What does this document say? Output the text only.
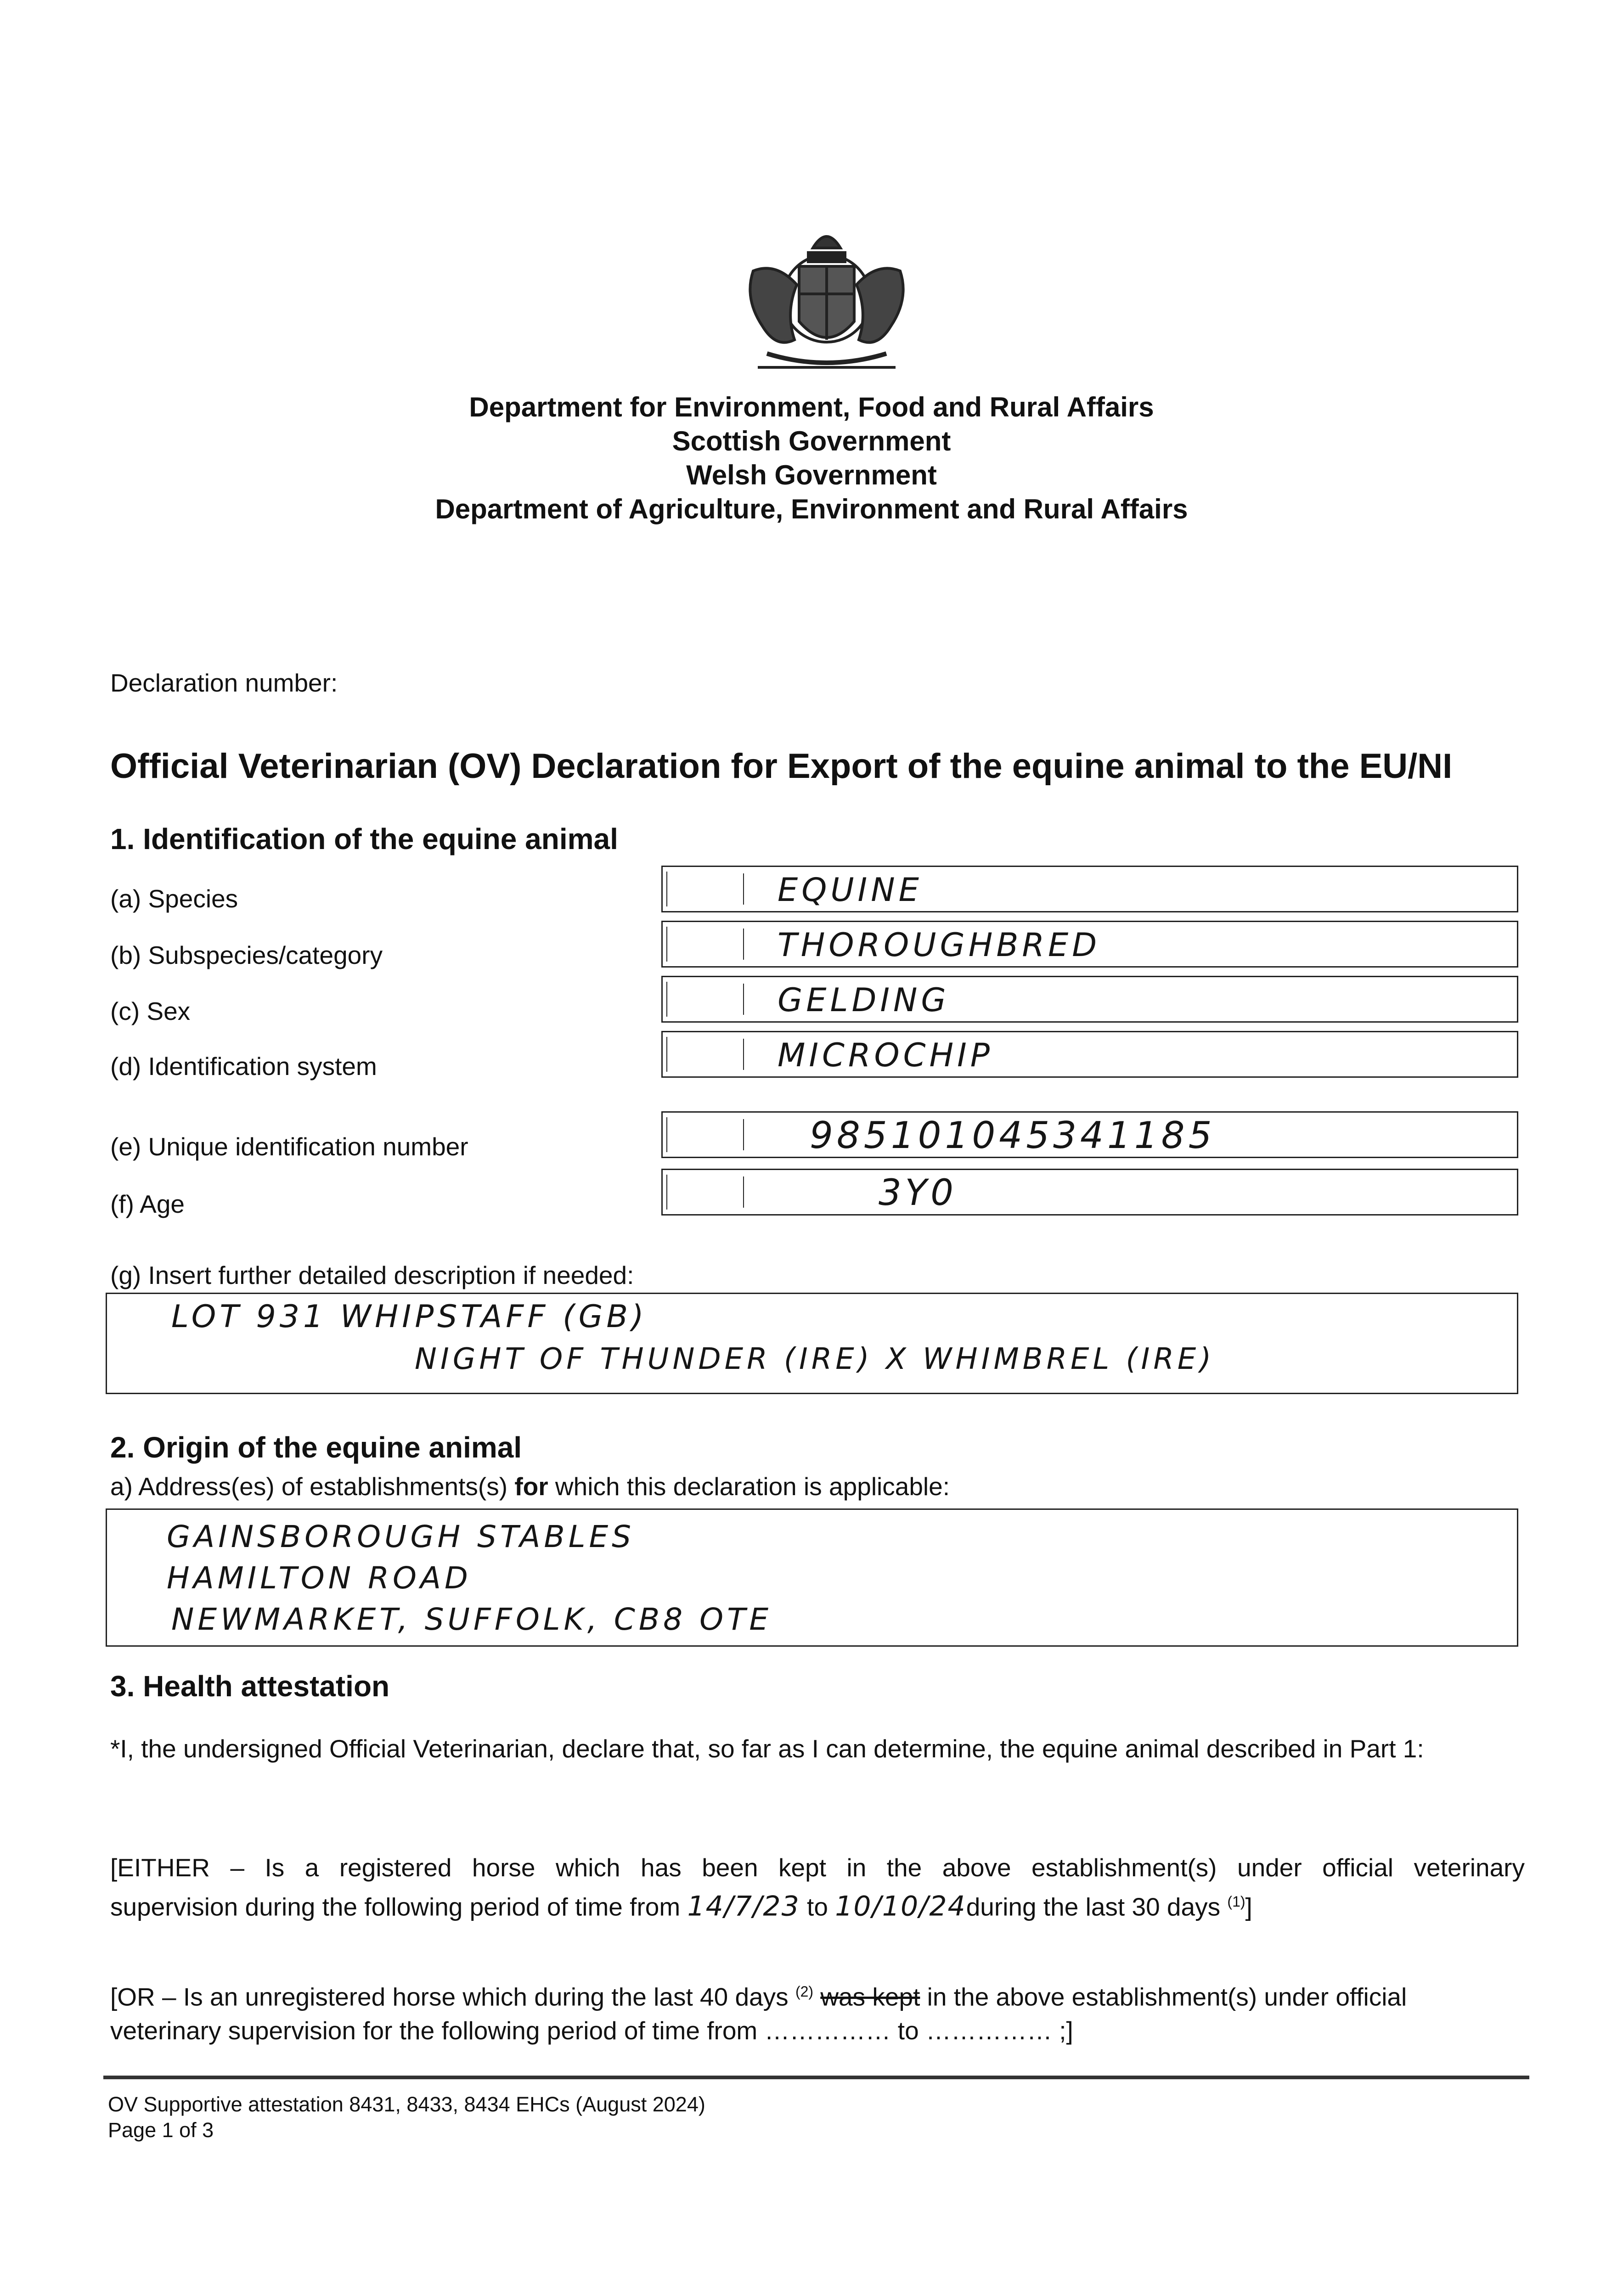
Department for Environment, Food and Rural Affairs
Scottish Government
Welsh Government
Department of Agriculture, Environment and Rural Affairs
Declaration number:
Official Veterinarian (OV) Declaration for Export of the equine animal to the EU/NI
1. Identification of the equine animal
(a) Species	EQUINE
(b) Subspecies/category	THOROUGHBRED
(c) Sex	GELDING
(d) Identification system	MICROCHIP
(e) Unique identification number	985101045341185
(f) Age	3Y0
(g) Insert further detailed description if needed:
LOT 931 WHIPSTAFF (GB)
NIGHT OF THUNDER (IRE) X WHIMBREL (IRE)
2. Origin of the equine animal
a) Address(es) of establishments(s) for which this declaration is applicable:
GAINSBOROUGH STABLES
HAMILTON ROAD
NEWMARKET, SUFFOLK, CB8 OTE
3. Health attestation
*I, the undersigned Official Veterinarian, declare that, so far as I can determine, the equine animal described in Part 1:
[EITHER – Is a registered horse which has been kept in the above establishment(s) under official veterinary
supervision during the following period of time from 14/7/23 to 10/10/24during the last 30 days $^{(1)}$]
[OR – Is an unregistered horse which during the last 40 days $^{(2)}$ was kept in the above establishment(s) under official
veterinary supervision for the following period of time from …………… to …………… ;]
OV Supportive attestation 8431, 8433, 8434 EHCs (August 2024)
Page 1 of 3
